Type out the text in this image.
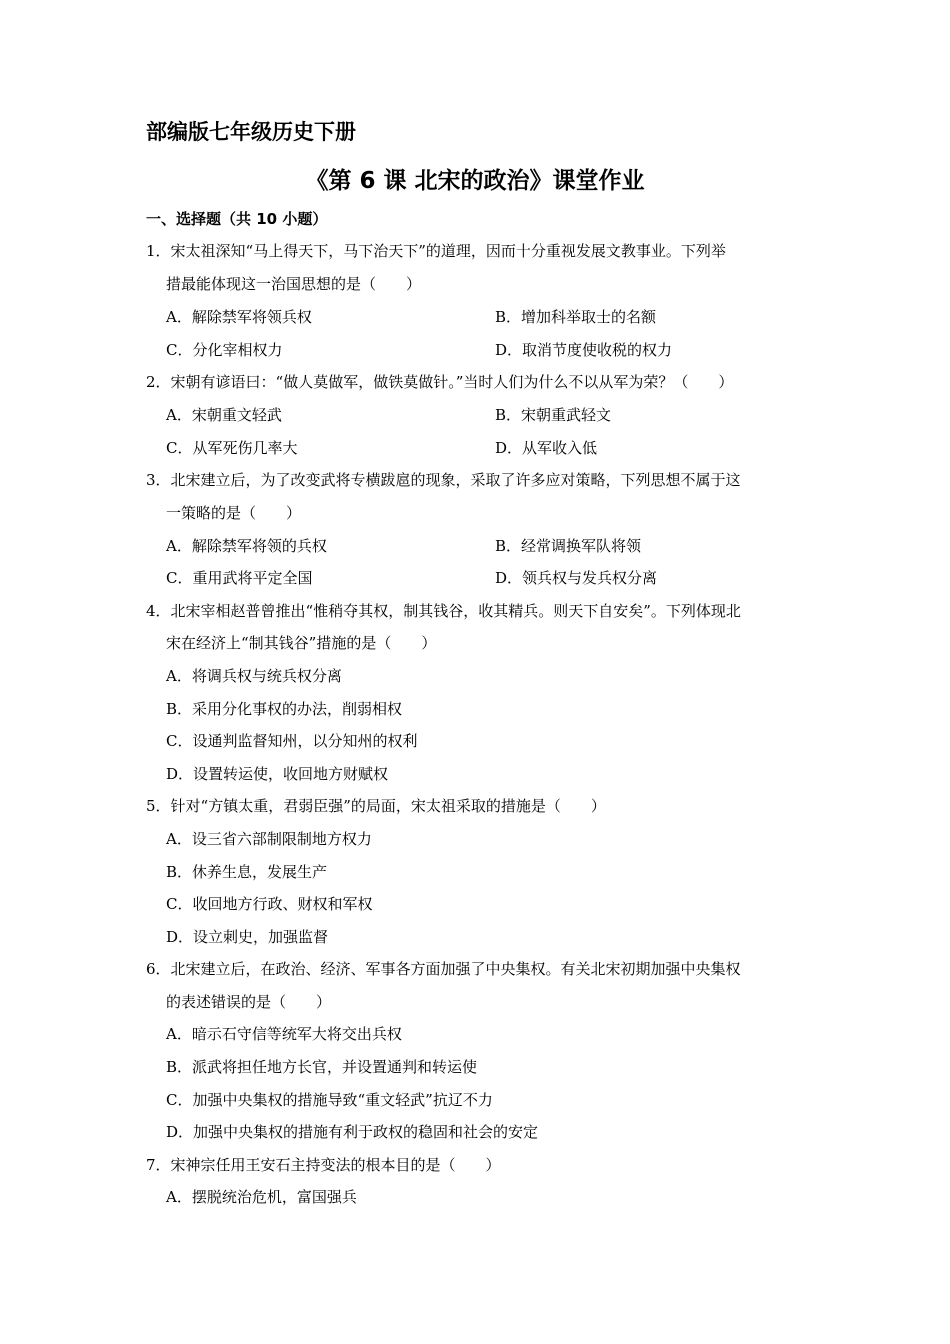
部编版七年级历史下册
《第 6 课 北宋的政治》课堂作业
一、选择题（共 10 小题）
1．宋太祖深知“马上得天下，马下治天下”的道理，因而十分重视发展文教事业。下列举
措最能体现这一治国思想的是（　　）
A．解除禁军将领兵权	B．增加科举取士的名额
C．分化宰相权力	D．取消节度使收税的权力
2．宋朝有谚语曰：“做人莫做军，做铁莫做针。”当时人们为什么不以从军为荣？（　　）
A．宋朝重文轻武	B．宋朝重武轻文
C．从军死伤几率大	D．从军收入低
3．北宋建立后，为了改变武将专横跋扈的现象，采取了许多应对策略，下列思想不属于这
一策略的是（　　）
A．解除禁军将领的兵权	B．经常调换军队将领
C．重用武将平定全国	D．领兵权与发兵权分离
4．北宋宰相赵普曾推出“惟稍夺其权，制其钱谷，收其精兵。则天下自安矣”。下列体现北
宋在经济上“制其钱谷”措施的是（　　）
A．将调兵权与统兵权分离
B．采用分化事权的办法，削弱相权
C．设通判监督知州，以分知州的权利
D．设置转运使，收回地方财赋权
5．针对“方镇太重，君弱臣强”的局面，宋太祖采取的措施是（　　）
A．设三省六部制限制地方权力
B．休养生息，发展生产
C．收回地方行政、财权和军权
D．设立刺史，加强监督
6．北宋建立后，在政治、经济、军事各方面加强了中央集权。有关北宋初期加强中央集权
的表述错误的是（　　）
A．暗示石守信等统军大将交出兵权
B．派武将担任地方长官，并设置通判和转运使
C．加强中央集权的措施导致“重文轻武”抗辽不力
D．加强中央集权的措施有利于政权的稳固和社会的安定
7．宋神宗任用王安石主持变法的根本目的是（　　）
A．摆脱统治危机，富国强兵
